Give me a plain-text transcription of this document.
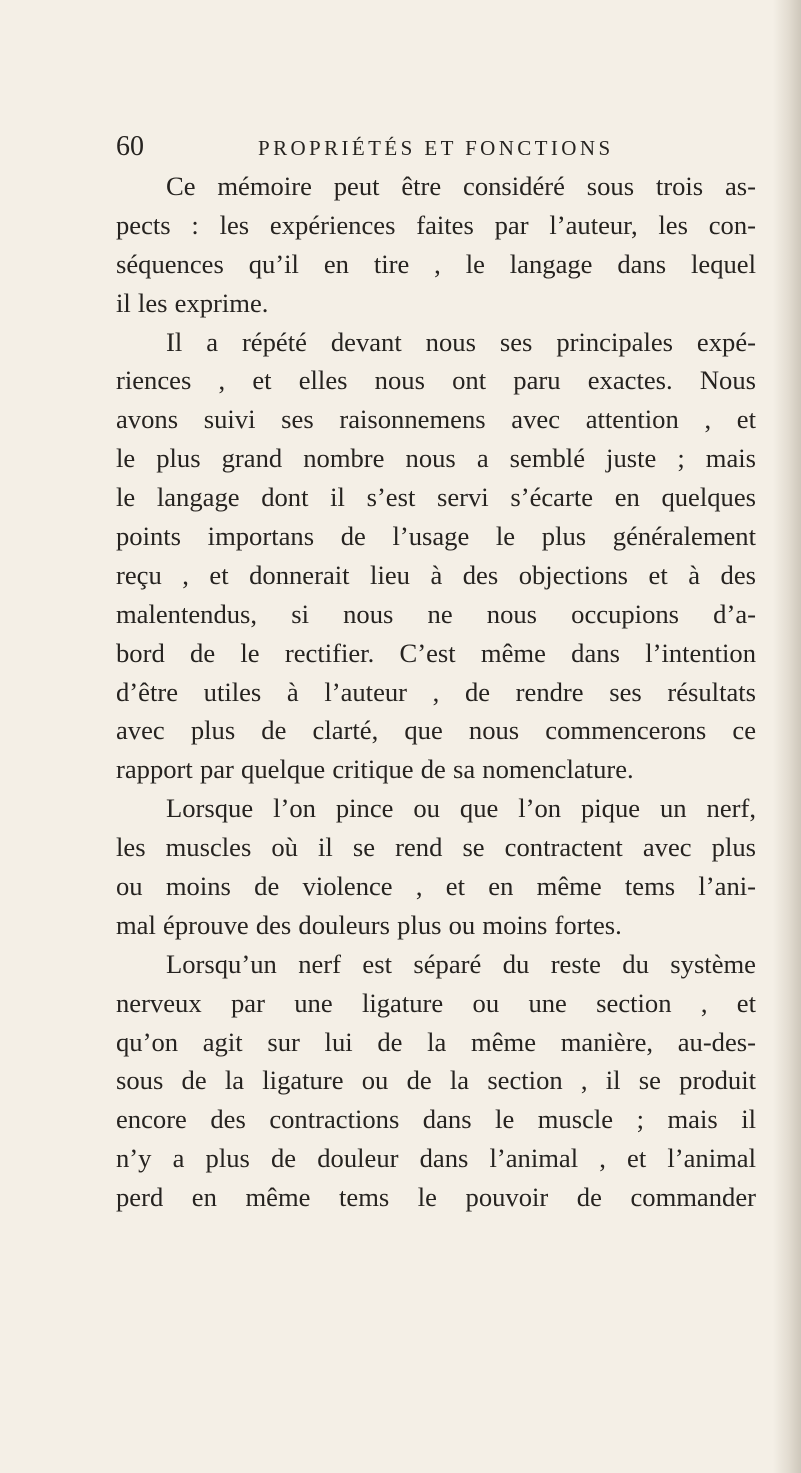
60	PROPRIÉTÉS ET FONCTIONS
Ce mémoire peut être considéré sous trois as-
pects : les expériences faites par l’auteur, les con-
séquences qu’il en tire , le langage dans lequel
il les exprime.
Il a répété devant nous ses principales expé-
riences , et elles nous ont paru exactes. Nous
avons suivi ses raisonnemens avec attention , et
le plus grand nombre nous a semblé juste ; mais
le langage dont il s’est servi s’écarte en quelques
points importans de l’usage le plus généralement
reçu , et donnerait lieu à des objections et à des
malentendus, si nous ne nous occupions d’a-
bord de le rectifier. C’est même dans l’intention
d’être utiles à l’auteur , de rendre ses résultats
avec plus de clarté, que nous commencerons ce
rapport par quelque critique de sa nomenclature.
Lorsque l’on pince ou que l’on pique un nerf,
les muscles où il se rend se contractent avec plus
ou moins de violence , et en même tems l’ani-
mal éprouve des douleurs plus ou moins fortes.
Lorsqu’un nerf est séparé du reste du système
nerveux par une ligature ou une section , et
qu’on agit sur lui de la même manière, au-des-
sous de la ligature ou de la section , il se produit
encore des contractions dans le muscle ; mais il
n’y a plus de douleur dans l’animal , et l’animal
perd en même tems le pouvoir de commander
